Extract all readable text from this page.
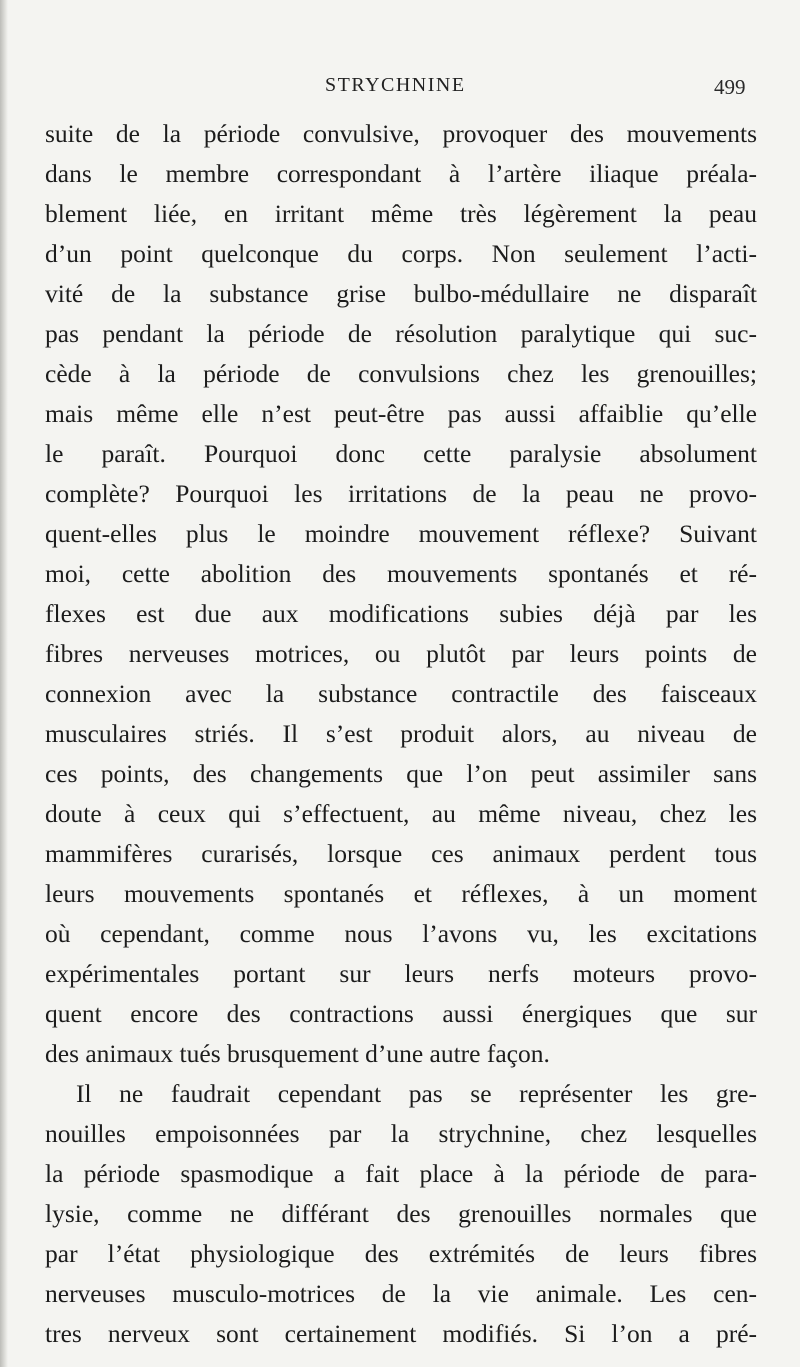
STRYCHNINE	499
suite de la période convulsive, provoquer des mouvements
dans le membre correspondant à l’artère iliaque préala-
blement liée, en irritant même très légèrement la peau
d’un point quelconque du corps. Non seulement l’acti-
vité de la substance grise bulbo-médullaire ne disparaît
pas pendant la période de résolution paralytique qui suc-
cède à la période de convulsions chez les grenouilles;
mais même elle n’est peut-être pas aussi affaiblie qu’elle
le paraît. Pourquoi donc cette paralysie absolument
complète? Pourquoi les irritations de la peau ne provo-
quent-elles plus le moindre mouvement réflexe? Suivant
moi, cette abolition des mouvements spontanés et ré-
flexes est due aux modifications subies déjà par les
fibres nerveuses motrices, ou plutôt par leurs points de
connexion avec la substance contractile des faisceaux
musculaires striés. Il s’est produit alors, au niveau de
ces points, des changements que l’on peut assimiler sans
doute à ceux qui s’effectuent, au même niveau, chez les
mammifères curarisés, lorsque ces animaux perdent tous
leurs mouvements spontanés et réflexes, à un moment
où cependant, comme nous l’avons vu, les excitations
expérimentales portant sur leurs nerfs moteurs provo-
quent encore des contractions aussi énergiques que sur
des animaux tués brusquement d’une autre façon.
Il ne faudrait cependant pas se représenter les gre-
nouilles empoisonnées par la strychnine, chez lesquelles
la période spasmodique a fait place à la période de para-
lysie, comme ne différant des grenouilles normales que
par l’état physiologique des extrémités de leurs fibres
nerveuses musculo-motrices de la vie animale. Les cen-
tres nerveux sont certainement modifiés. Si l’on a pré-
